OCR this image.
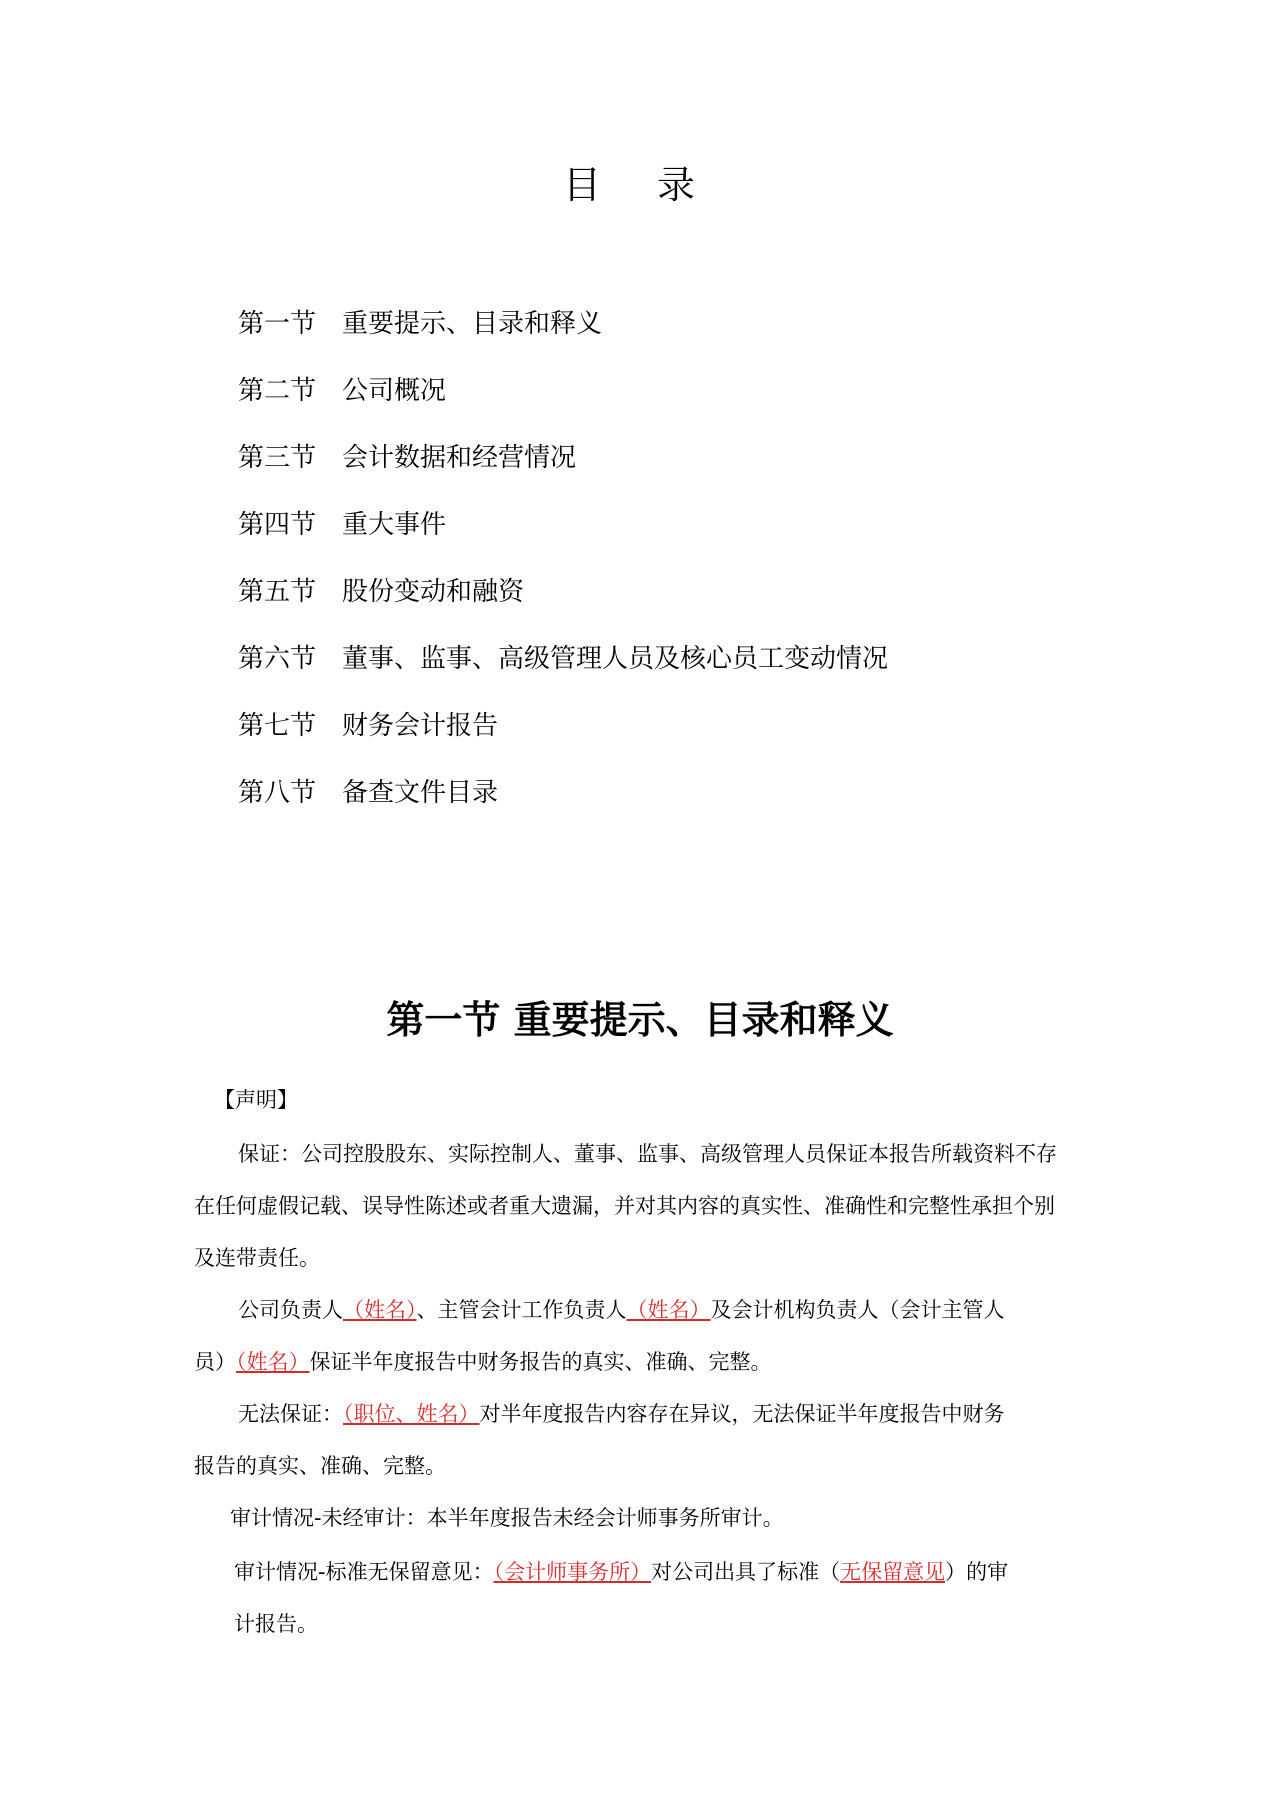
目 录
第一节 重要提示、目录和释义
第二节 公司概况
第三节 会计数据和经营情况
第四节 重大事件
第五节 股份变动和融资
第六节 董事、监事、高级管理人员及核心员工变动情况
第七节 财务会计报告
第八节 备查文件目录
第一节 重要提示、目录和释义
【声明】
保证：公司控股股东、实际控制人、董事、监事、高级管理人员保证本报告所载资料不存
在任何虚假记载、误导性陈述或者重大遗漏，并对其内容的真实性、准确性和完整性承担个别
及连带责任。
公司负责人（姓名）、主管会计工作负责人（姓名）及会计机构负责人（会计主管人
员）（姓名）保证半年度报告中财务报告的真实、准确、完整。
无法保证：（职位、姓名）对半年度报告内容存在异议，无法保证半年度报告中财务
报告的真实、准确、完整。
审计情况-未经审计：本半年度报告未经会计师事务所审计。
审计情况-标准无保留意见：（会计师事务所）对公司出具了标准（无保留意见）的审
计报告。
